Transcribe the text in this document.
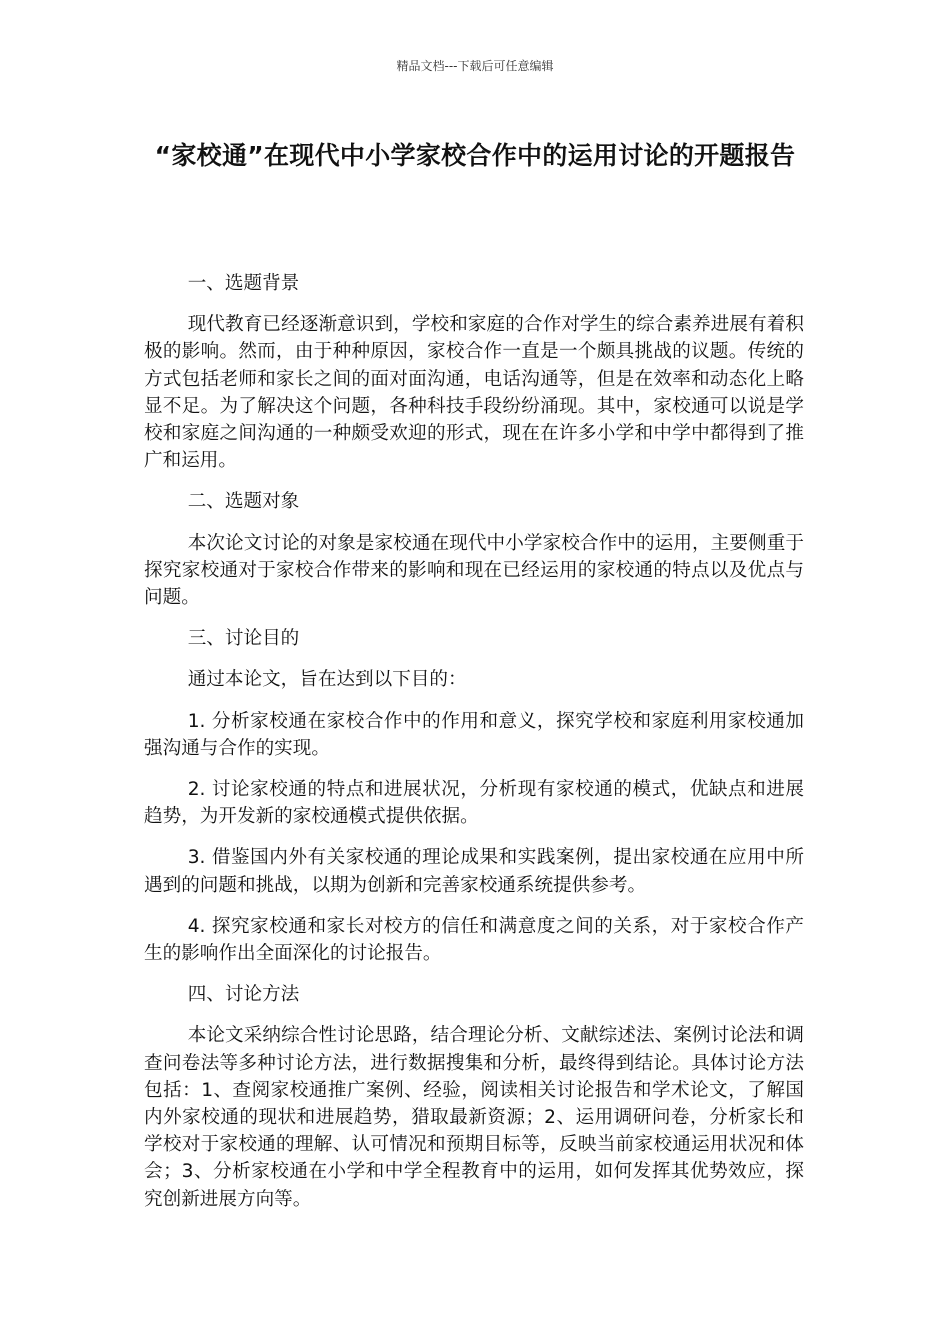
精品文档---下载后可任意编辑
“家校通”在现代中小学家校合作中的运用讨论的开题报告

一、选题背景

现代教育已经逐渐意识到，学校和家庭的合作对学生的综合素养进展有着积极的影响。然而，由于种种原因，家校合作一直是一个颇具挑战的议题。传统的方式包括老师和家长之间的面对面沟通，电话沟通等，但是在效率和动态化上略显不足。为了解决这个问题，各种科技手段纷纷涌现。其中，家校通可以说是学校和家庭之间沟通的一种颇受欢迎的形式，现在在许多小学和中学中都得到了推广和运用。

二、选题对象

本次论文讨论的对象是家校通在现代中小学家校合作中的运用，主要侧重于探究家校通对于家校合作带来的影响和现在已经运用的家校通的特点以及优点与问题。

三、讨论目的

通过本论文，旨在达到以下目的：

1. 分析家校通在家校合作中的作用和意义，探究学校和家庭利用家校通加强沟通与合作的实现。

2. 讨论家校通的特点和进展状况，分析现有家校通的模式，优缺点和进展趋势，为开发新的家校通模式提供依据。

3. 借鉴国内外有关家校通的理论成果和实践案例，提出家校通在应用中所遇到的问题和挑战，以期为创新和完善家校通系统提供参考。

4. 探究家校通和家长对校方的信任和满意度之间的关系，对于家校合作产生的影响作出全面深化的讨论报告。

四、讨论方法

本论文采纳综合性讨论思路，结合理论分析、文献综述法、案例讨论法和调查问卷法等多种讨论方法，进行数据搜集和分析，最终得到结论。具体讨论方法包括：1、查阅家校通推广案例、经验，阅读相关讨论报告和学术论文，了解国内外家校通的现状和进展趋势，猎取最新资源；2、运用调研问卷，分析家长和学校对于家校通的理解、认可情况和预期目标等，反映当前家校通运用状况和体会；3、分析家校通在小学和中学全程教育中的运用，如何发挥其优势效应，探究创新进展方向等。
